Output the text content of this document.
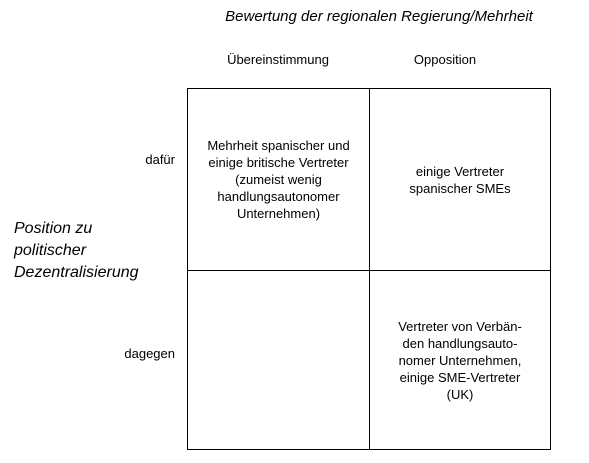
Bewertung der regionalen Regierung/Mehrheit
Übereinstimmung	Opposition
Position zu
politischer
Dezentralisierung
dafür
dagegen
Mehrheit spanischer und
einige britische Vertreter
(zumeist wenig
handlungsautonomer
Unternehmen)
einige Vertreter
spanischer SMEs
Vertreter von Verbän-
den handlungsauto-
nomer Unternehmen,
einige SME-Vertreter
(UK)
